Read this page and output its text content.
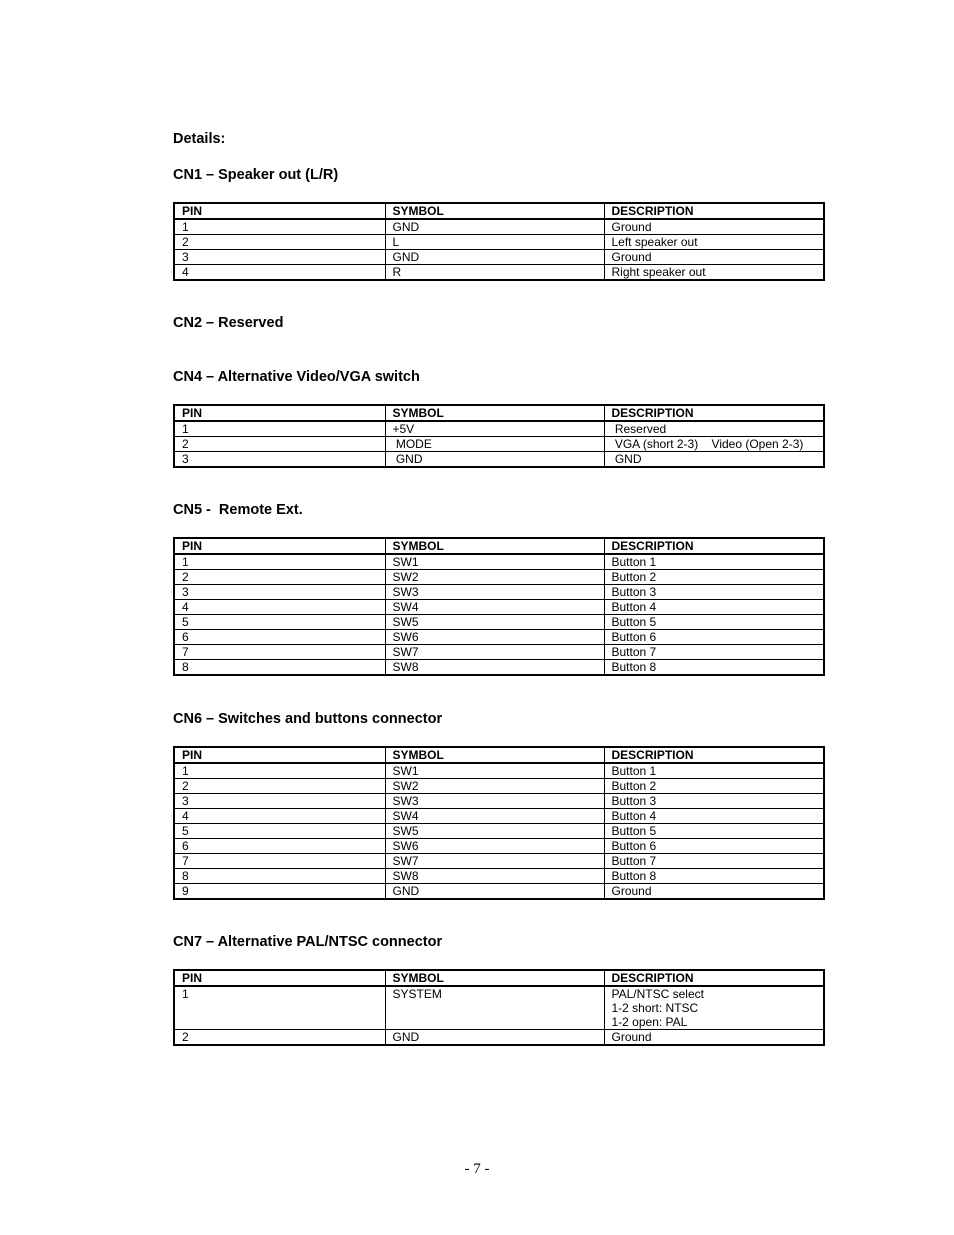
Details:
CN1 – Speaker out (L/R)
PIN	SYMBOL	DESCRIPTION
1	GND	Ground
2	L	Left speaker out
3	GND	Ground
4	R	Right speaker out
CN2 – Reserved
CN4 – Alternative Video/VGA switch
PIN	SYMBOL	DESCRIPTION
1	+5V	Reserved
2	MODE	VGA (short 2-3)    Video (Open 2-3)
3	GND	GND
CN5 -  Remote Ext.
PIN	SYMBOL	DESCRIPTION
1	SW1	Button 1
2	SW2	Button 2
3	SW3	Button 3
4	SW4	Button 4
5	SW5	Button 5
6	SW6	Button 6
7	SW7	Button 7
8	SW8	Button 8
CN6 – Switches and buttons connector
PIN	SYMBOL	DESCRIPTION
1	SW1	Button 1
2	SW2	Button 2
3	SW3	Button 3
4	SW4	Button 4
5	SW5	Button 5
6	SW6	Button 6
7	SW7	Button 7
8	SW8	Button 8
9	GND	Ground
CN7 – Alternative PAL/NTSC connector
PIN	SYMBOL	DESCRIPTION
1	SYSTEM	PAL/NTSC select
1-2 short: NTSC
1-2 open: PAL
2	GND	Ground
- 7 -
